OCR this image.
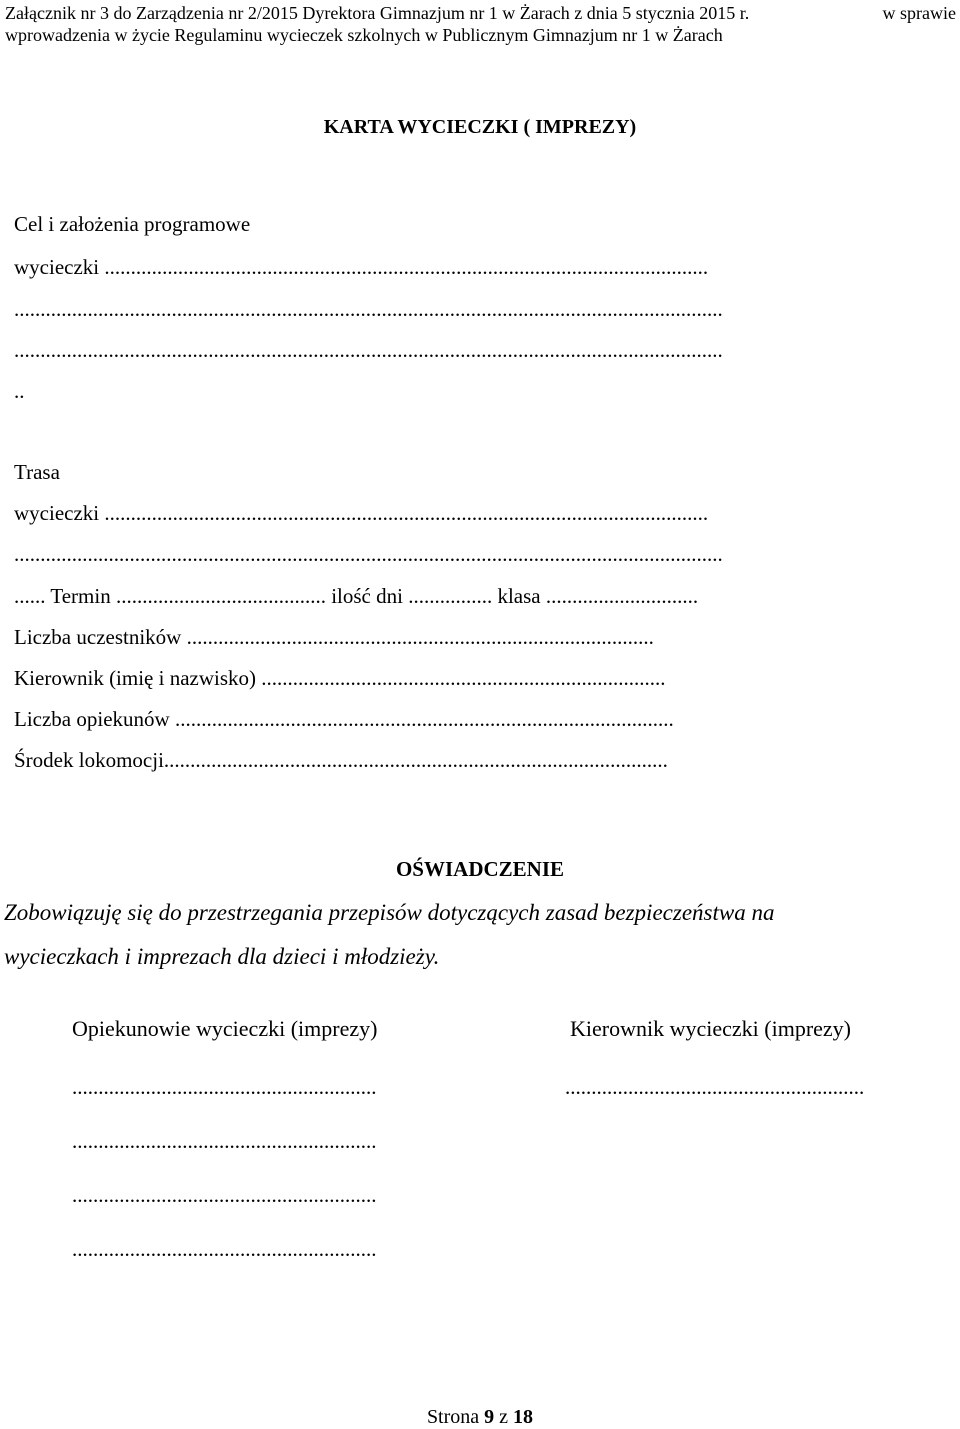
Załącznik nr 3 do Zarządzenia nr 2/2015 Dyrektora Gimnazjum nr 1 w Żarach z dnia 5 stycznia 2015 r.	w sprawie
wprowadzenia w życie Regulaminu wycieczek szkolnych w Publicznym Gimnazjum nr 1 w Żarach
KARTA WYCIECZKI ( IMPREZY)
Cel i założenia programowe
wycieczki ...................................................................................................................
.......................................................................................................................................
.......................................................................................................................................
..
Trasa
wycieczki ...................................................................................................................
.......................................................................................................................................
...... Termin ........................................ ilość dni ................ klasa .............................
Liczba uczestników .........................................................................................
Kierownik (imię i nazwisko) .............................................................................
Liczba opiekunów ...............................................................................................
Środek lokomocji................................................................................................
OŚWIADCZENIE
Zobowiązuję się do przestrzegania przepisów dotyczących zasad bezpieczeństwa na
wycieczkach i imprezach dla dzieci i młodzieży.
Opiekunowie wycieczki (imprezy)	Kierownik wycieczki (imprezy)
..........................................................	.........................................................
..........................................................
..........................................................
..........................................................
Strona 9 z 18
